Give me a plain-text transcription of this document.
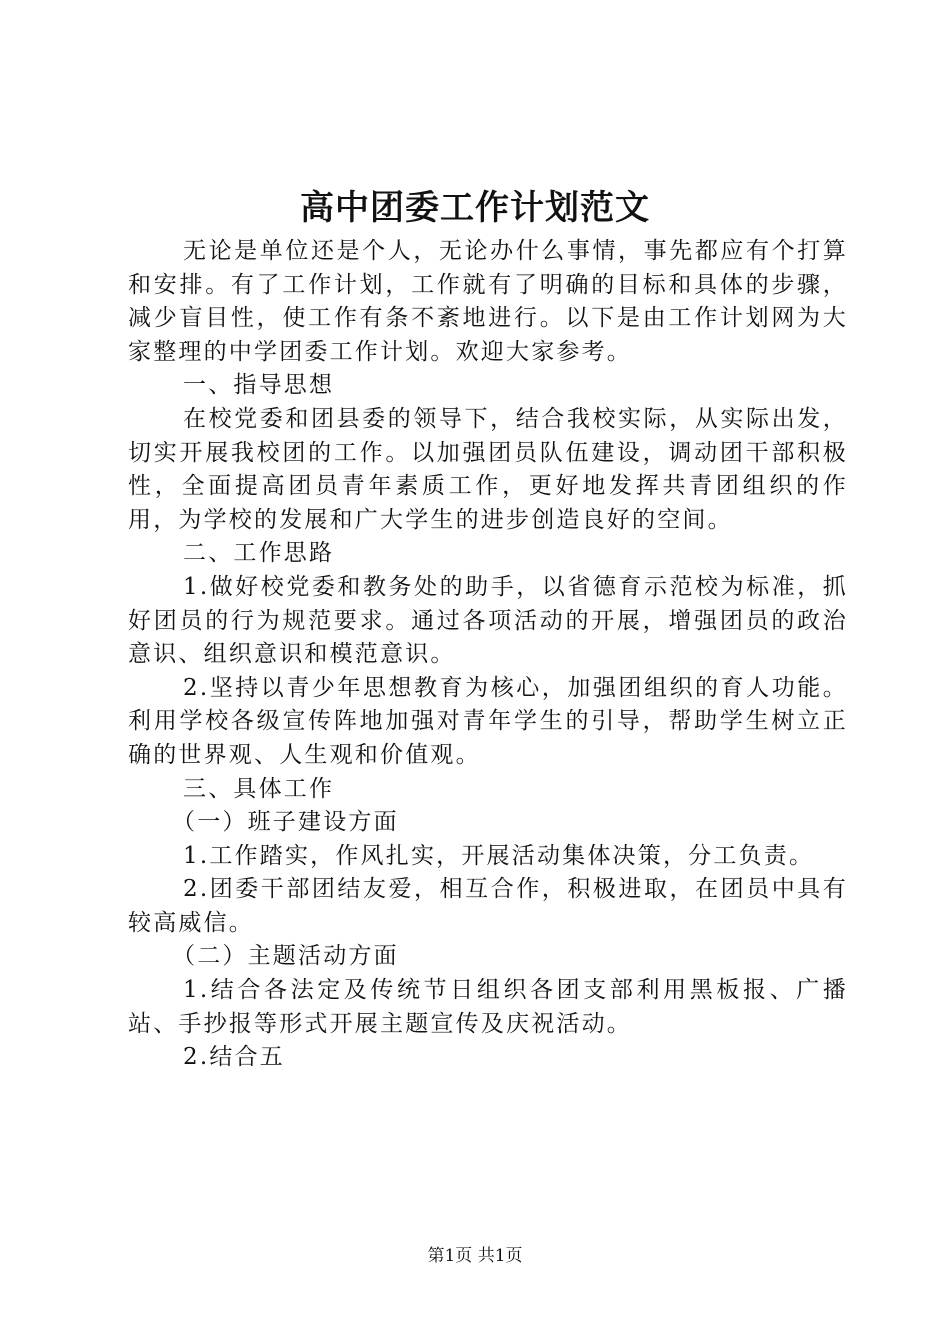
高中团委工作计划范文

无论是单位还是个人，无论办什么事情，事先都应有个打算和安排。有了工作计划，工作就有了明确的目标和具体的步骤，减少盲目性，使工作有条不紊地进行。以下是由工作计划网为大家整理的中学团委工作计划。欢迎大家参考。

一、指导思想

在校党委和团县委的领导下，结合我校实际，从实际出发，切实开展我校团的工作。以加强团员队伍建设，调动团干部积极性，全面提高团员青年素质工作，更好地发挥共青团组织的作用，为学校的发展和广大学生的进步创造良好的空间。

二、工作思路

1.做好校党委和教务处的助手，以省德育示范校为标准，抓好团员的行为规范要求。通过各项活动的开展，增强团员的政治意识、组织意识和模范意识。

2.坚持以青少年思想教育为核心，加强团组织的育人功能。利用学校各级宣传阵地加强对青年学生的引导，帮助学生树立正确的世界观、人生观和价值观。

三、具体工作

（一）班子建设方面

1.工作踏实，作风扎实，开展活动集体决策，分工负责。

2.团委干部团结友爱，相互合作，积极进取，在团员中具有较高威信。

（二）主题活动方面

1.结合各法定及传统节日组织各团支部利用黑板报、广播站、手抄报等形式开展主题宣传及庆祝活动。

2.结合五

第1页 共1页
